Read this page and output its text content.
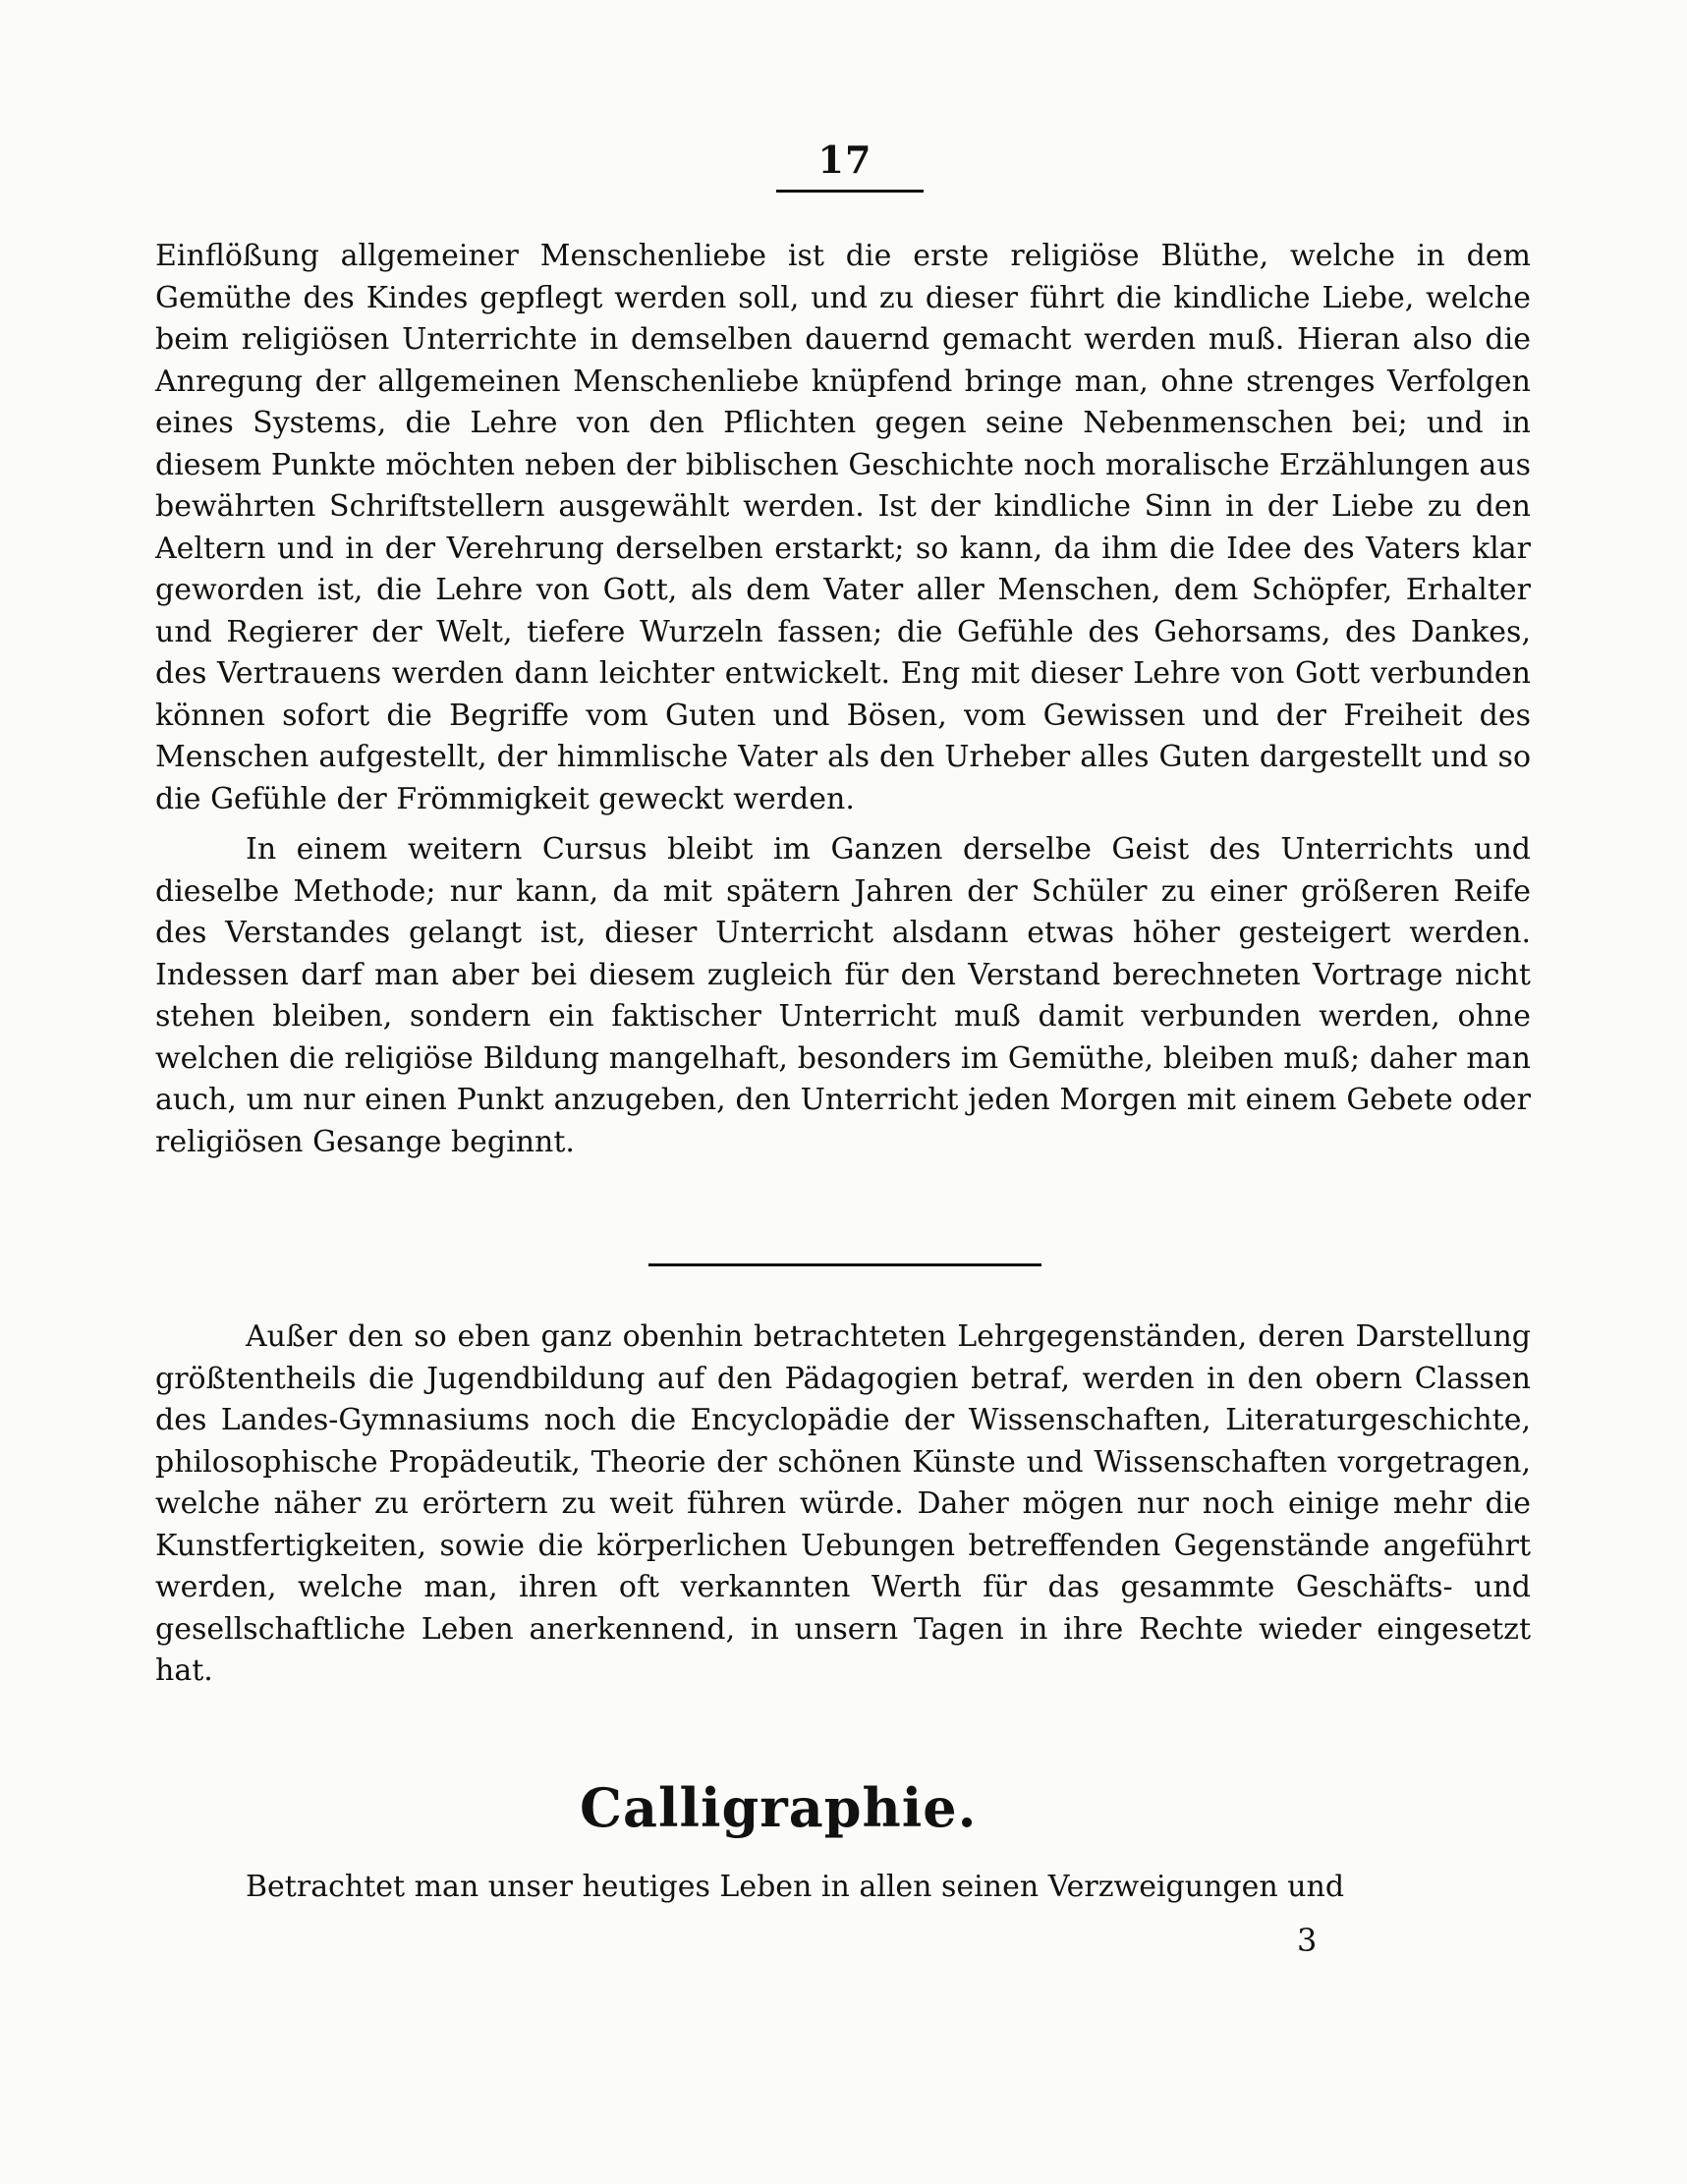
17

Einflößung allgemeiner Menschenliebe ist die erste religiöse Blüthe, welche in dem Gemüthe des Kindes gepflegt werden soll, und zu dieser führt die kindliche Liebe, welche beim religiösen Unterrichte in demselben dauernd gemacht werden muß. Hieran also die Anregung der allgemeinen Menschenliebe knüpfend bringe man, ohne strenges Verfolgen eines Systems, die Lehre von den Pflichten gegen seine Nebenmenschen bei; und in diesem Punkte möchten neben der biblischen Geschichte noch moralische Erzählungen aus bewährten Schriftstellern ausgewählt werden. Ist der kindliche Sinn in der Liebe zu den Aeltern und in der Verehrung derselben erstarkt; so kann, da ihm die Idee des Vaters klar geworden ist, die Lehre von Gott, als dem Vater aller Menschen, dem Schöpfer, Erhalter und Regierer der Welt, tiefere Wurzeln fassen; die Gefühle des Gehorsams, des Dankes, des Vertrauens werden dann leichter entwickelt. Eng mit dieser Lehre von Gott verbunden können sofort die Begriffe vom Guten und Bösen, vom Gewissen und der Freiheit des Menschen aufgestellt, der himmlische Vater als den Urheber alles Guten dargestellt und so die Gefühle der Frömmigkeit geweckt werden.

In einem weitern Cursus bleibt im Ganzen derselbe Geist des Unterrichts und dieselbe Methode; nur kann, da mit spätern Jahren der Schüler zu einer größeren Reife des Verstandes gelangt ist, dieser Unterricht alsdann etwas höher gesteigert werden. Indessen darf man aber bei diesem zugleich für den Verstand berechneten Vortrage nicht stehen bleiben, sondern ein faktischer Unterricht muß damit verbunden werden, ohne welchen die religiöse Bildung mangelhaft, besonders im Gemüthe, bleiben muß; daher man auch, um nur einen Punkt anzugeben, den Unterricht jeden Morgen mit einem Gebete oder religiösen Gesange beginnt.

Außer den so eben ganz obenhin betrachteten Lehrgegenständen, deren Darstellung größtentheils die Jugendbildung auf den Pädagogien betraf, werden in den obern Classen des Landes-Gymnasiums noch die Encyclopädie der Wissenschaften, Literaturgeschichte, philosophische Propädeutik, Theorie der schönen Künste und Wissenschaften vorgetragen, welche näher zu erörtern zu weit führen würde. Daher mögen nur noch einige mehr die Kunstfertigkeiten, sowie die körperlichen Uebungen betreffenden Gegenstände angeführt werden, welche man, ihren oft verkannten Werth für das gesammte Geschäfts- und gesellschaftliche Leben anerkennend, in unsern Tagen in ihre Rechte wieder eingesetzt hat.

Calligraphie.

Betrachtet man unser heutiges Leben in allen seinen Verzweigungen und

3
